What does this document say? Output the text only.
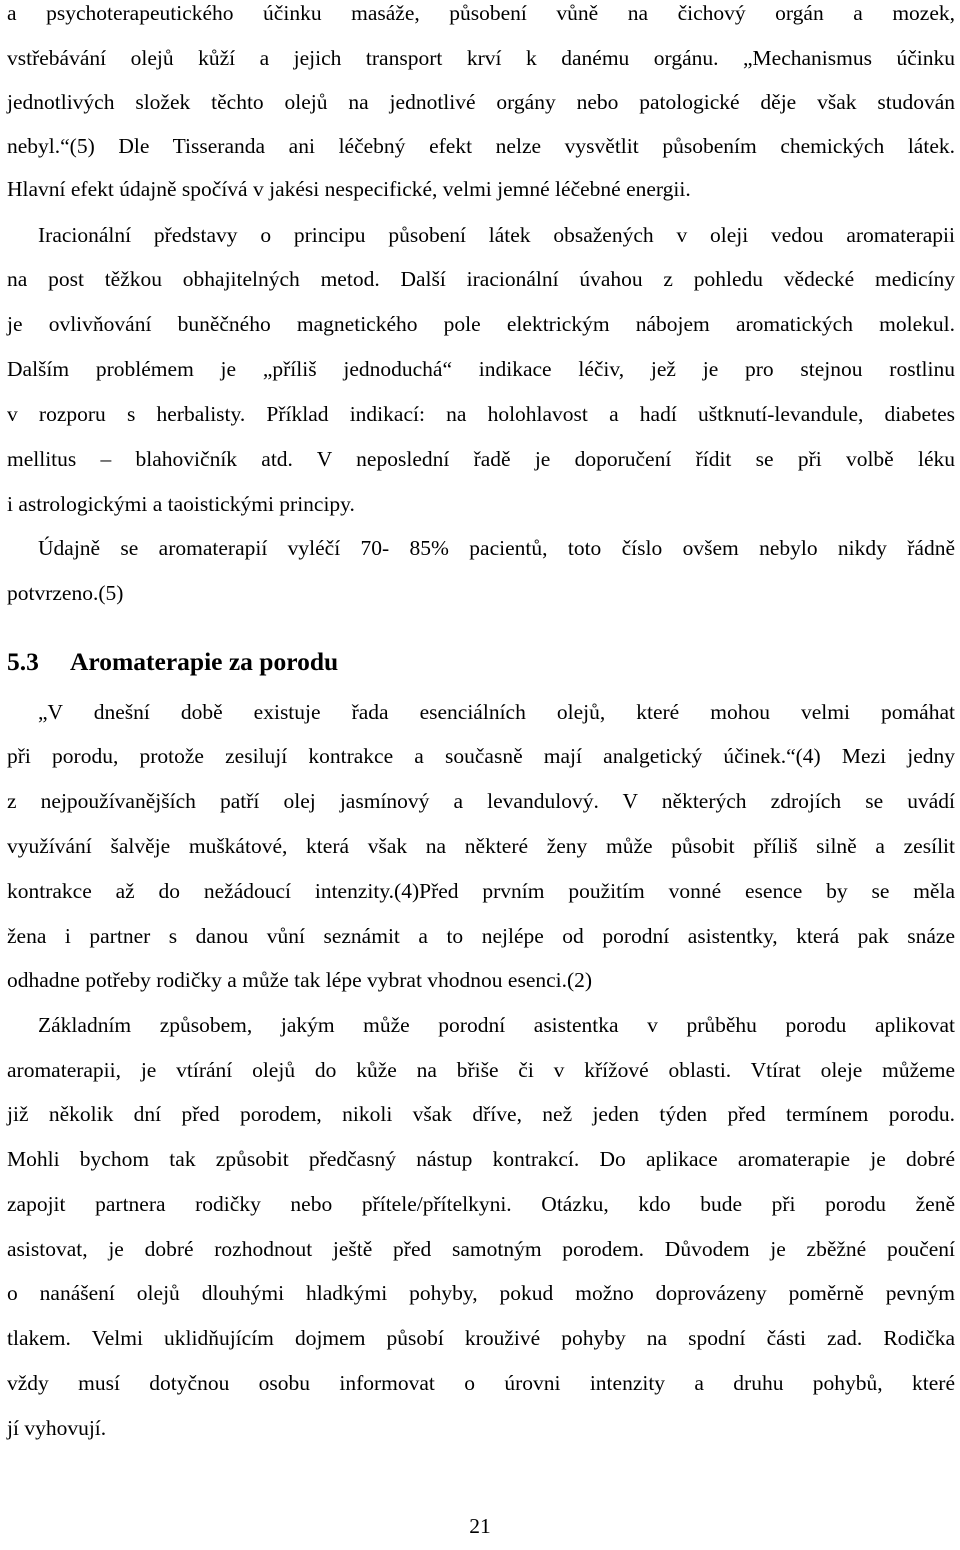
a psychoterapeutického účinku masáže, působení vůně na čichový orgán a mozek,
vstřebávání olejů kůží a jejich transport krví k danému orgánu. „Mechanismus účinku
jednotlivých složek těchto olejů na jednotlivé orgány nebo patologické děje však studován
nebyl.“(5) Dle Tisseranda ani léčebný efekt nelze vysvětlit působením chemických látek.
Hlavní efekt údajně spočívá v jakési nespecifické, velmi jemné léčebné energii.
Iracionální představy o principu působení látek obsažených v oleji vedou aromaterapii
na post těžkou obhajitelných metod. Další iracionální úvahou z pohledu vědecké medicíny
je ovlivňování buněčného magnetického pole elektrickým nábojem aromatických molekul.
Dalším problémem je „příliš jednoduchá“ indikace léčiv, jež je pro stejnou rostlinu
v rozporu s herbalisty. Příklad indikací: na holohlavost a hadí uštknutí-levandule, diabetes
mellitus – blahovičník atd. V neposlední řadě je doporučení řídit se při volbě léku
i astrologickými a taoistickými principy.
Údajně se aromaterapií vyléčí 70- 85% pacientů, toto číslo ovšem nebylo nikdy řádně
potvrzeno.(5)
5.3 Aromaterapie za porodu
„V dnešní době existuje řada esenciálních olejů, které mohou velmi pomáhat
při porodu, protože zesilují kontrakce a současně mají analgetický účinek.“(4) Mezi jedny
z nejpoužívanějších patří olej jasmínový a levandulový. V některých zdrojích se uvádí
využívání šalvěje muškátové, která však na některé ženy může působit příliš silně a zesílit
kontrakce až do nežádoucí intenzity.(4)Před prvním použitím vonné esence by se měla
žena i partner s danou vůní seznámit a to nejlépe od porodní asistentky, která pak snáze
odhadne potřeby rodičky a může tak lépe vybrat vhodnou esenci.(2)
Základním způsobem, jakým může porodní asistentka v průběhu porodu aplikovat
aromaterapii, je vtírání olejů do kůže na břiše či v křížové oblasti. Vtírat oleje můžeme
již několik dní před porodem, nikoli však dříve, než jeden týden před termínem porodu.
Mohli bychom tak způsobit předčasný nástup kontrakcí. Do aplikace aromaterapie je dobré
zapojit partnera rodičky nebo přítele/přítelkyni. Otázku, kdo bude při porodu ženě
asistovat, je dobré rozhodnout ještě před samotným porodem. Důvodem je zběžné poučení
o nanášení olejů dlouhými hladkými pohyby, pokud možno doprovázeny poměrně pevným
tlakem. Velmi uklidňujícím dojmem působí krouživé pohyby na spodní části zad. Rodička
vždy musí dotyčnou osobu informovat o úrovni intenzity a druhu pohybů, které
jí vyhovují.
21
